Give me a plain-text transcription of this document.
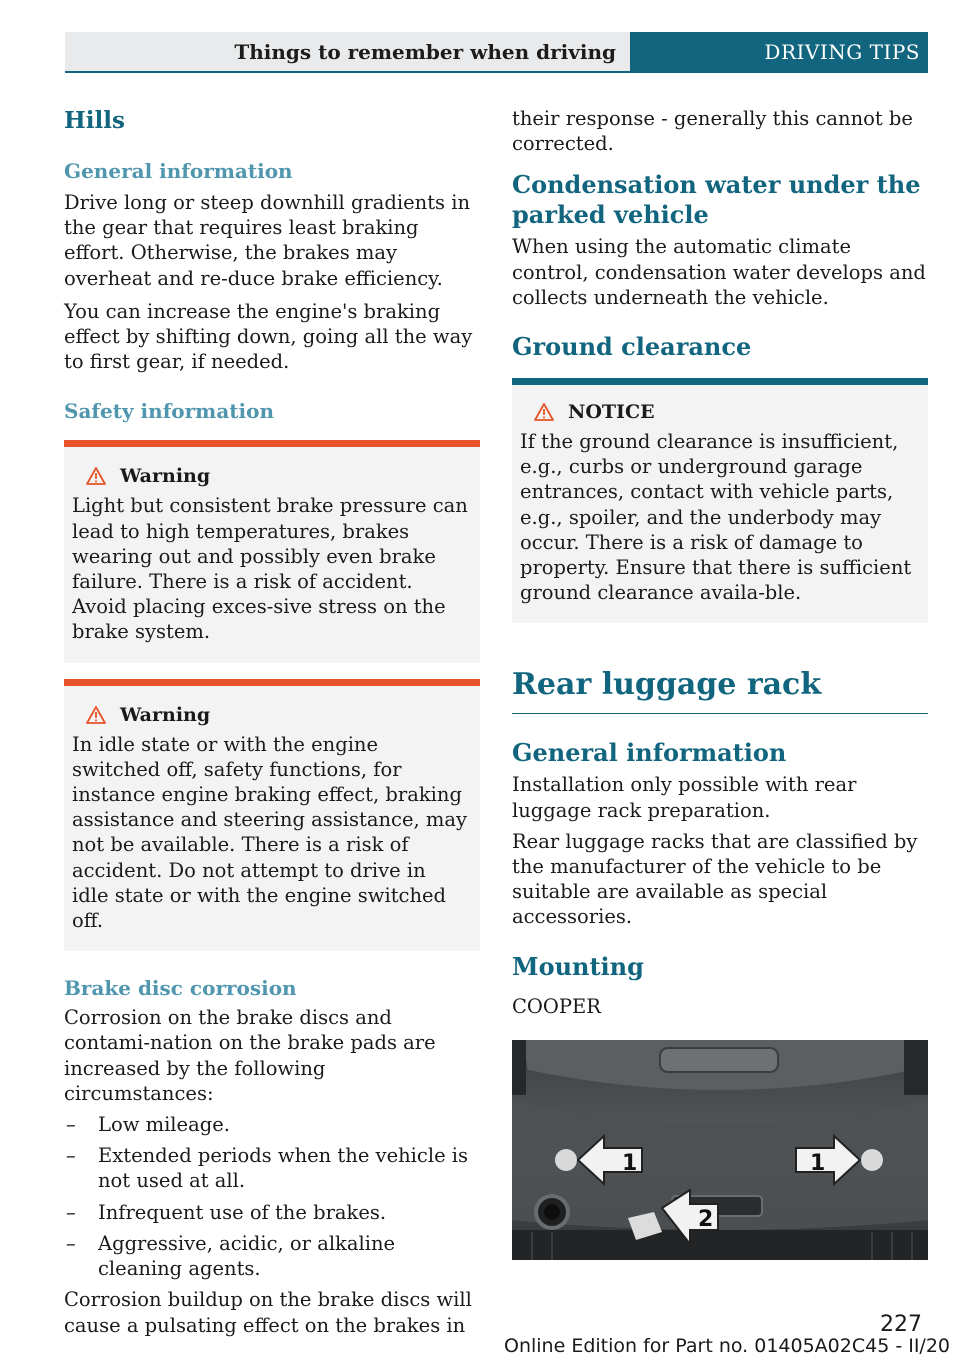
Things to remember when driving	DRIVING TIPS
Hills
General information

Drive long or steep downhill gradients in the gear that requires least braking effort. Otherwise, the brakes may overheat and re-duce brake efficiency.

You can increase the engine's braking effect by shifting down, going all the way to first gear, if needed.

Safety information
Warning

Light but consistent brake pressure can lead to high temperatures, brakes wearing out and possibly even brake failure. There is a risk of accident. Avoid placing exces-sive stress on the brake system.

Warning

In idle state or with the engine switched off, safety functions, for instance engine braking effect, braking assistance and steering assistance, may not be available. There is a risk of accident. Do not attempt to drive in idle state or with the engine switched off.

Brake disc corrosion

Corrosion on the brake discs and contami-nation on the brake pads are increased by the following circumstances:

– Low mileage.
– Extended periods when the vehicle is not used at all.
– Infrequent use of the brakes.
– Aggressive, acidic, or alkaline cleaning agents.

Corrosion buildup on the brake discs will cause a pulsating effect on the brakes in

their response - generally this cannot be corrected.

Condensation water under the parked vehicle

When using the automatic climate control, condensation water develops and collects underneath the vehicle.

Ground clearance
NOTICE

If the ground clearance is insufficient, e.g., curbs or underground garage entrances, contact with vehicle parts, e.g., spoiler, and the underbody may occur. There is a risk of damage to property. Ensure that there is sufficient ground clearance availa-ble.

Rear luggage rack
General information

Installation only possible with rear luggage rack preparation.

Rear luggage racks that are classified by the manufacturer of the vehicle to be suitable are available as special accessories.

Mounting

COOPER

1	1
2
227
Online Edition for Part no. 01405A02C45 - II/20
